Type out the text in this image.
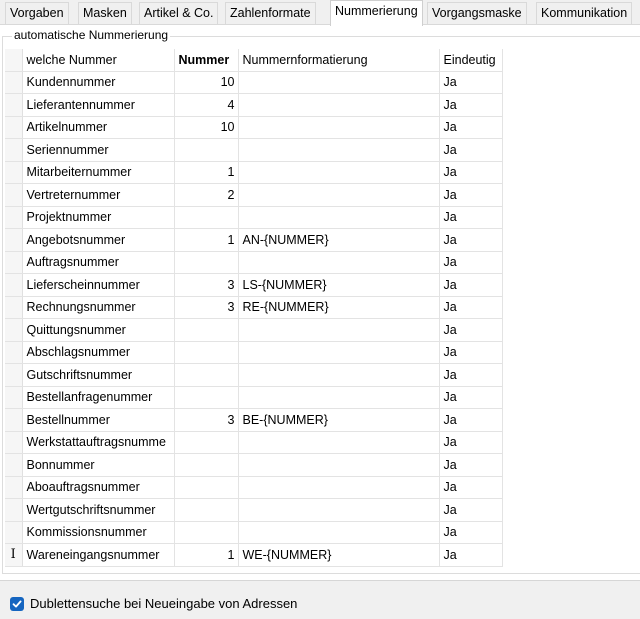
Vorgaben	Masken	Artikel & Co.	Zahlenformate	Nummerierung	Vorgangsmaske	Kommunikation
automatische Nummerierung
	welche Nummer	Nummer	Nummernformatierung	Eindeutig
	Kundennummer	10		Ja
	Lieferantennummer	4		Ja
	Artikelnummer	10		Ja
	Seriennummer			Ja
	Mitarbeiternummer	1		Ja
	Vertreternummer	2		Ja
	Projektnummer			Ja
	Angebotsnummer	1	AN-{NUMMER}	Ja
	Auftragsnummer			Ja
	Lieferscheinnummer	3	LS-{NUMMER}	Ja
	Rechnungsnummer	3	RE-{NUMMER}	Ja
	Quittungsnummer			Ja
	Abschlagsnummer			Ja
	Gutschriftsnummer			Ja
	Bestellanfragenummer			Ja
	Bestellnummer	3	BE-{NUMMER}	Ja
	Werkstattauftragsnumme			Ja
	Bonnummer			Ja
	Aboauftragsnummer			Ja
	Wertgutschriftsnummer			Ja
	Kommissionsnummer			Ja
I	Wareneingangsnummer	1	WE-{NUMMER}	Ja
Dublettensuche bei Neueingabe von Adressen
